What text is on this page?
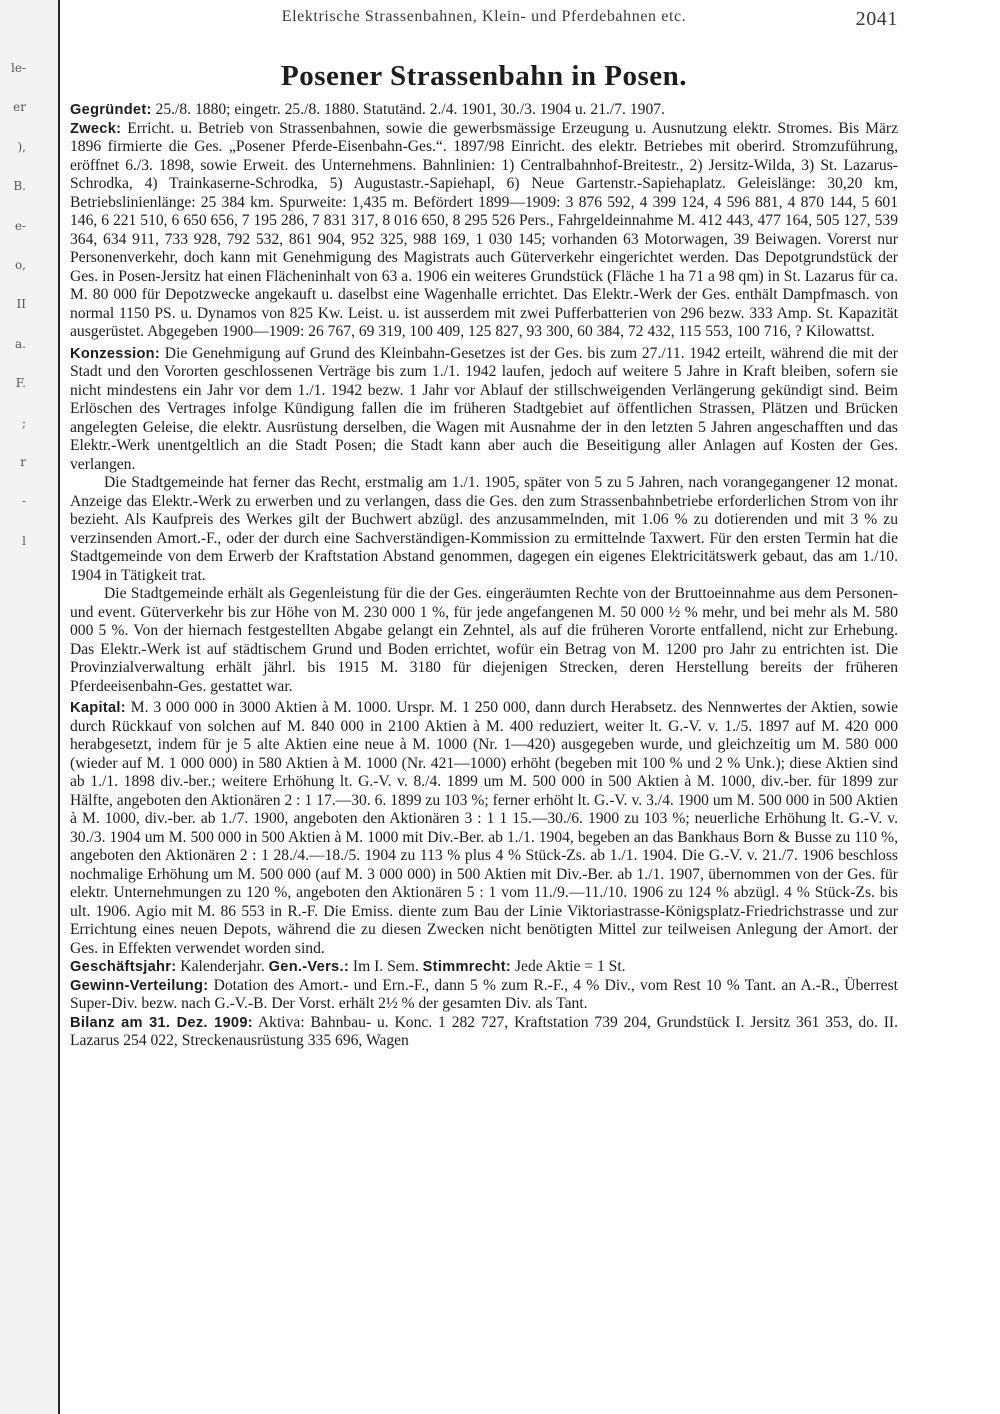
le-
er
),
B.
e-
o,
II
a.
F.
;
r
-
l
Elektrische Strassenbahnen, Klein- und Pferdebahnen etc.	2041
Posener Strassenbahn in Posen.

Gegründet: 25./8. 1880; eingetr. 25./8. 1880. Statutänd. 2./4. 1901, 30./3. 1904 u. 21./7. 1907.

Zweck: Erricht. u. Betrieb von Strassenbahnen, sowie die gewerbsmässige Erzeugung u. Ausnutzung elektr. Stromes. Bis März 1896 firmierte die Ges. „Posener Pferde-Eisenbahn-Ges.“. 1897/98 Einricht. des elektr. Betriebes mit oberird. Stromzuführung, eröffnet 6./3. 1898, sowie Erweit. des Unternehmens. Bahnlinien: 1) Centralbahnhof-Breitestr., 2) Jersitz-Wilda, 3) St. Lazarus-Schrodka, 4) Trainkaserne-Schrodka, 5) Augustastr.-Sapiehapl, 6) Neue Gartenstr.-Sapiehaplatz. Geleislänge: 30,20 km, Betriebslinienlänge: 25 384 km. Spurweite: 1,435 m. Befördert 1899—1909: 3 876 592, 4 399 124, 4 596 881, 4 870 144, 5 601 146, 6 221 510, 6 650 656, 7 195 286, 7 831 317, 8 016 650, 8 295 526 Pers., Fahrgeldeinnahme M. 412 443, 477 164, 505 127, 539 364, 634 911, 733 928, 792 532, 861 904, 952 325, 988 169, 1 030 145; vorhanden 63 Motorwagen, 39 Beiwagen. Vorerst nur Personenverkehr, doch kann mit Genehmigung des Magistrats auch Güterverkehr eingerichtet werden. Das Depotgrundstück der Ges. in Posen-Jersitz hat einen Flächeninhalt von 63 a. 1906 ein weiteres Grundstück (Fläche 1 ha 71 a 98 qm) in St. Lazarus für ca. M. 80 000 für Depotzwecke angekauft u. daselbst eine Wagenhalle errichtet. Das Elektr.-Werk der Ges. enthält Dampfmasch. von normal 1150 PS. u. Dynamos von 825 Kw. Leist. u. ist ausserdem mit zwei Pufferbatterien von 296 bezw. 333 Amp. St. Kapazität ausgerüstet. Abgegeben 1900—1909: 26 767, 69 319, 100 409, 125 827, 93 300, 60 384, 72 432, 115 553, 100 716, ? Kilowattst.

Konzession: Die Genehmigung auf Grund des Kleinbahn-Gesetzes ist der Ges. bis zum 27./11. 1942 erteilt, während die mit der Stadt und den Vororten geschlossenen Verträge bis zum 1./1. 1942 laufen, jedoch auf weitere 5 Jahre in Kraft bleiben, sofern sie nicht mindestens ein Jahr vor dem 1./1. 1942 bezw. 1 Jahr vor Ablauf der stillschweigenden Verlängerung gekündigt sind. Beim Erlöschen des Vertrages infolge Kündigung fallen die im früheren Stadtgebiet auf öffentlichen Strassen, Plätzen und Brücken angelegten Geleise, die elektr. Ausrüstung derselben, die Wagen mit Ausnahme der in den letzten 5 Jahren angeschafften und das Elektr.-Werk unentgeltlich an die Stadt Posen; die Stadt kann aber auch die Beseitigung aller Anlagen auf Kosten der Ges. verlangen.

Die Stadtgemeinde hat ferner das Recht, erstmalig am 1./1. 1905, später von 5 zu 5 Jahren, nach vorangegangener 12 monat. Anzeige das Elektr.-Werk zu erwerben und zu verlangen, dass die Ges. den zum Strassenbahnbetriebe erforderlichen Strom von ihr bezieht. Als Kaufpreis des Werkes gilt der Buchwert abzügl. des anzusammelnden, mit 1.06 % zu dotierenden und mit 3 % zu verzinsenden Amort.-F., oder der durch eine Sachverständigen-Kommission zu ermittelnde Taxwert. Für den ersten Termin hat die Stadtgemeinde von dem Erwerb der Kraftstation Abstand genommen, dagegen ein eigenes Elektricitätswerk gebaut, das am 1./10. 1904 in Tätigkeit trat.

Die Stadtgemeinde erhält als Gegenleistung für die der Ges. eingeräumten Rechte von der Bruttoeinnahme aus dem Personen- und event. Güterverkehr bis zur Höhe von M. 230 000 1 %, für jede angefangenen M. 50 000 ½ % mehr, und bei mehr als M. 580 000 5 %. Von der hiernach festgestellten Abgabe gelangt ein Zehntel, als auf die früheren Vororte entfallend, nicht zur Erhebung. Das Elektr.-Werk ist auf städtischem Grund und Boden errichtet, wofür ein Betrag von M. 1200 pro Jahr zu entrichten ist. Die Provinzialverwaltung erhält jährl. bis 1915 M. 3180 für diejenigen Strecken, deren Herstellung bereits der früheren Pferdeeisenbahn-Ges. gestattet war.

Kapital: M. 3 000 000 in 3000 Aktien à M. 1000. Urspr. M. 1 250 000, dann durch Herabsetz. des Nennwertes der Aktien, sowie durch Rückkauf von solchen auf M. 840 000 in 2100 Aktien à M. 400 reduziert, weiter lt. G.-V. v. 1./5. 1897 auf M. 420 000 herabgesetzt, indem für je 5 alte Aktien eine neue à M. 1000 (Nr. 1—420) ausgegeben wurde, und gleichzeitig um M. 580 000 (wieder auf M. 1 000 000) in 580 Aktien à M. 1000 (Nr. 421—1000) erhöht (begeben mit 100 % und 2 % Unk.); diese Aktien sind ab 1./1. 1898 div.-ber.; weitere Erhöhung lt. G.-V. v. 8./4. 1899 um M. 500 000 in 500 Aktien à M. 1000, div.-ber. für 1899 zur Hälfte, angeboten den Aktionären 2 : 1 17.—30. 6. 1899 zu 103 %; ferner erhöht lt. G.-V. v. 3./4. 1900 um M. 500 000 in 500 Aktien à M. 1000, div.-ber. ab 1./7. 1900, angeboten den Aktionären 3 : 1 1 15.—30./6. 1900 zu 103 %; neuerliche Erhöhung lt. G.-V. v. 30./3. 1904 um M. 500 000 in 500 Aktien à M. 1000 mit Div.-Ber. ab 1./1. 1904, begeben an das Bankhaus Born & Busse zu 110 %, angeboten den Aktionären 2 : 1 28./4.—18./5. 1904 zu 113 % plus 4 % Stück-Zs. ab 1./1. 1904. Die G.-V. v. 21./7. 1906 beschloss nochmalige Erhöhung um M. 500 000 (auf M. 3 000 000) in 500 Aktien mit Div.-Ber. ab 1./1. 1907, übernommen von der Ges. für elektr. Unternehmungen zu 120 %, angeboten den Aktionären 5 : 1 vom 11./9.—11./10. 1906 zu 124 % abzügl. 4 % Stück-Zs. bis ult. 1906. Agio mit M. 86 553 in R.-F. Die Emiss. diente zum Bau der Linie Viktoriastrasse-Königsplatz-Friedrichstrasse und zur Errichtung eines neuen Depots, während die zu diesen Zwecken nicht benötigten Mittel zur teilweisen Anlegung der Amort. der Ges. in Effekten verwendet worden sind.

Geschäftsjahr: Kalenderjahr. Gen.-Vers.: Im I. Sem. Stimmrecht: Jede Aktie = 1 St.

Gewinn-Verteilung: Dotation des Amort.- und Ern.-F., dann 5 % zum R.-F., 4 % Div., vom Rest 10 % Tant. an A.-R., Überrest Super-Div. bezw. nach G.-V.-B. Der Vorst. erhält 2½ % der gesamten Div. als Tant.

Bilanz am 31. Dez. 1909: Aktiva: Bahnbau- u. Konc. 1 282 727, Kraftstation 739 204, Grundstück I. Jersitz 361 353, do. II. Lazarus 254 022, Streckenausrüstung 335 696, Wagen
